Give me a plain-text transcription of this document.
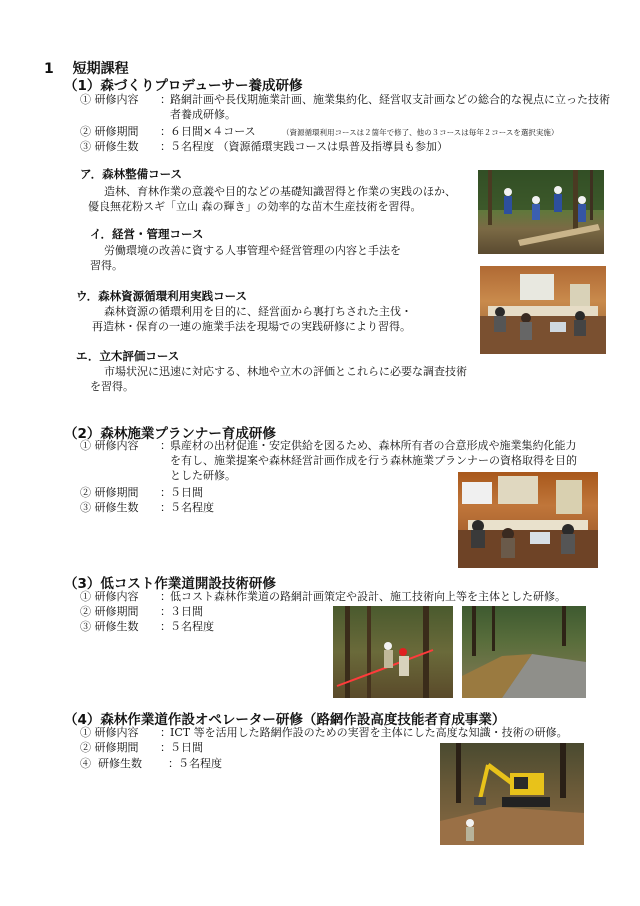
1 短期課程
（1）森づくりプロデューサー養成研修
① 研修内容 ： 路網計画や長伐期施業計画、施業集約化、経営収支計画などの総合的な視点に立った技術者養成研修。
② 研修期間 ： ６日間×４コース	（資源循環利用コースは２箇年で修了、他の３コースは毎年２コースを選択実施）
③ 研修生数 ： ５名程度 （資源循環実践コースは県普及指導員も参加）
ア．森林整備コース
造林、育林作業の意義や目的などの基礎知識習得と作業の実践のほか、
優良無花粉スギ「立山 森の輝き」の効率的な苗木生産技術を習得。
イ．経営・管理コース
労働環境の改善に資する人事管理や経営管理の内容と手法を
習得。
ウ．森林資源循環利用実践コース
森林資源の循環利用を目的に、経営面から裏打ちされた主伐・
再造林・保育の一連の施業手法を現場での実践研修により習得。
エ．立木評価コース
市場状況に迅速に対応する、林地や立木の評価とこれらに必要な調査技術
を習得。
（2）森林施業プランナー育成研修
① 研修内容 ： 県産材の出材促進・安定供給を図るため、森林所有者の合意形成や施業集約化能力
を有し、施業提案や森林経営計画作成を行う森林施業プランナーの資格取得を目的
とした研修。
② 研修期間 ： ５日間
③ 研修生数 ： ５名程度
（3）低コスト作業道開設技術研修
① 研修内容 ： 低コスト森林作業道の路網計画策定や設計、施工技術向上等を主体とした研修。
② 研修期間 ： ３日間
③ 研修生数 ： ５名程度
（4）森林作業道作設オペレーター研修（路網作設高度技能者育成事業）
① 研修内容 ： ICT 等を活用した路網作設のための実習を主体にした高度な知識・技術の研修。
② 研修期間 ： ５日間
④ 研修生数 ： ５名程度
